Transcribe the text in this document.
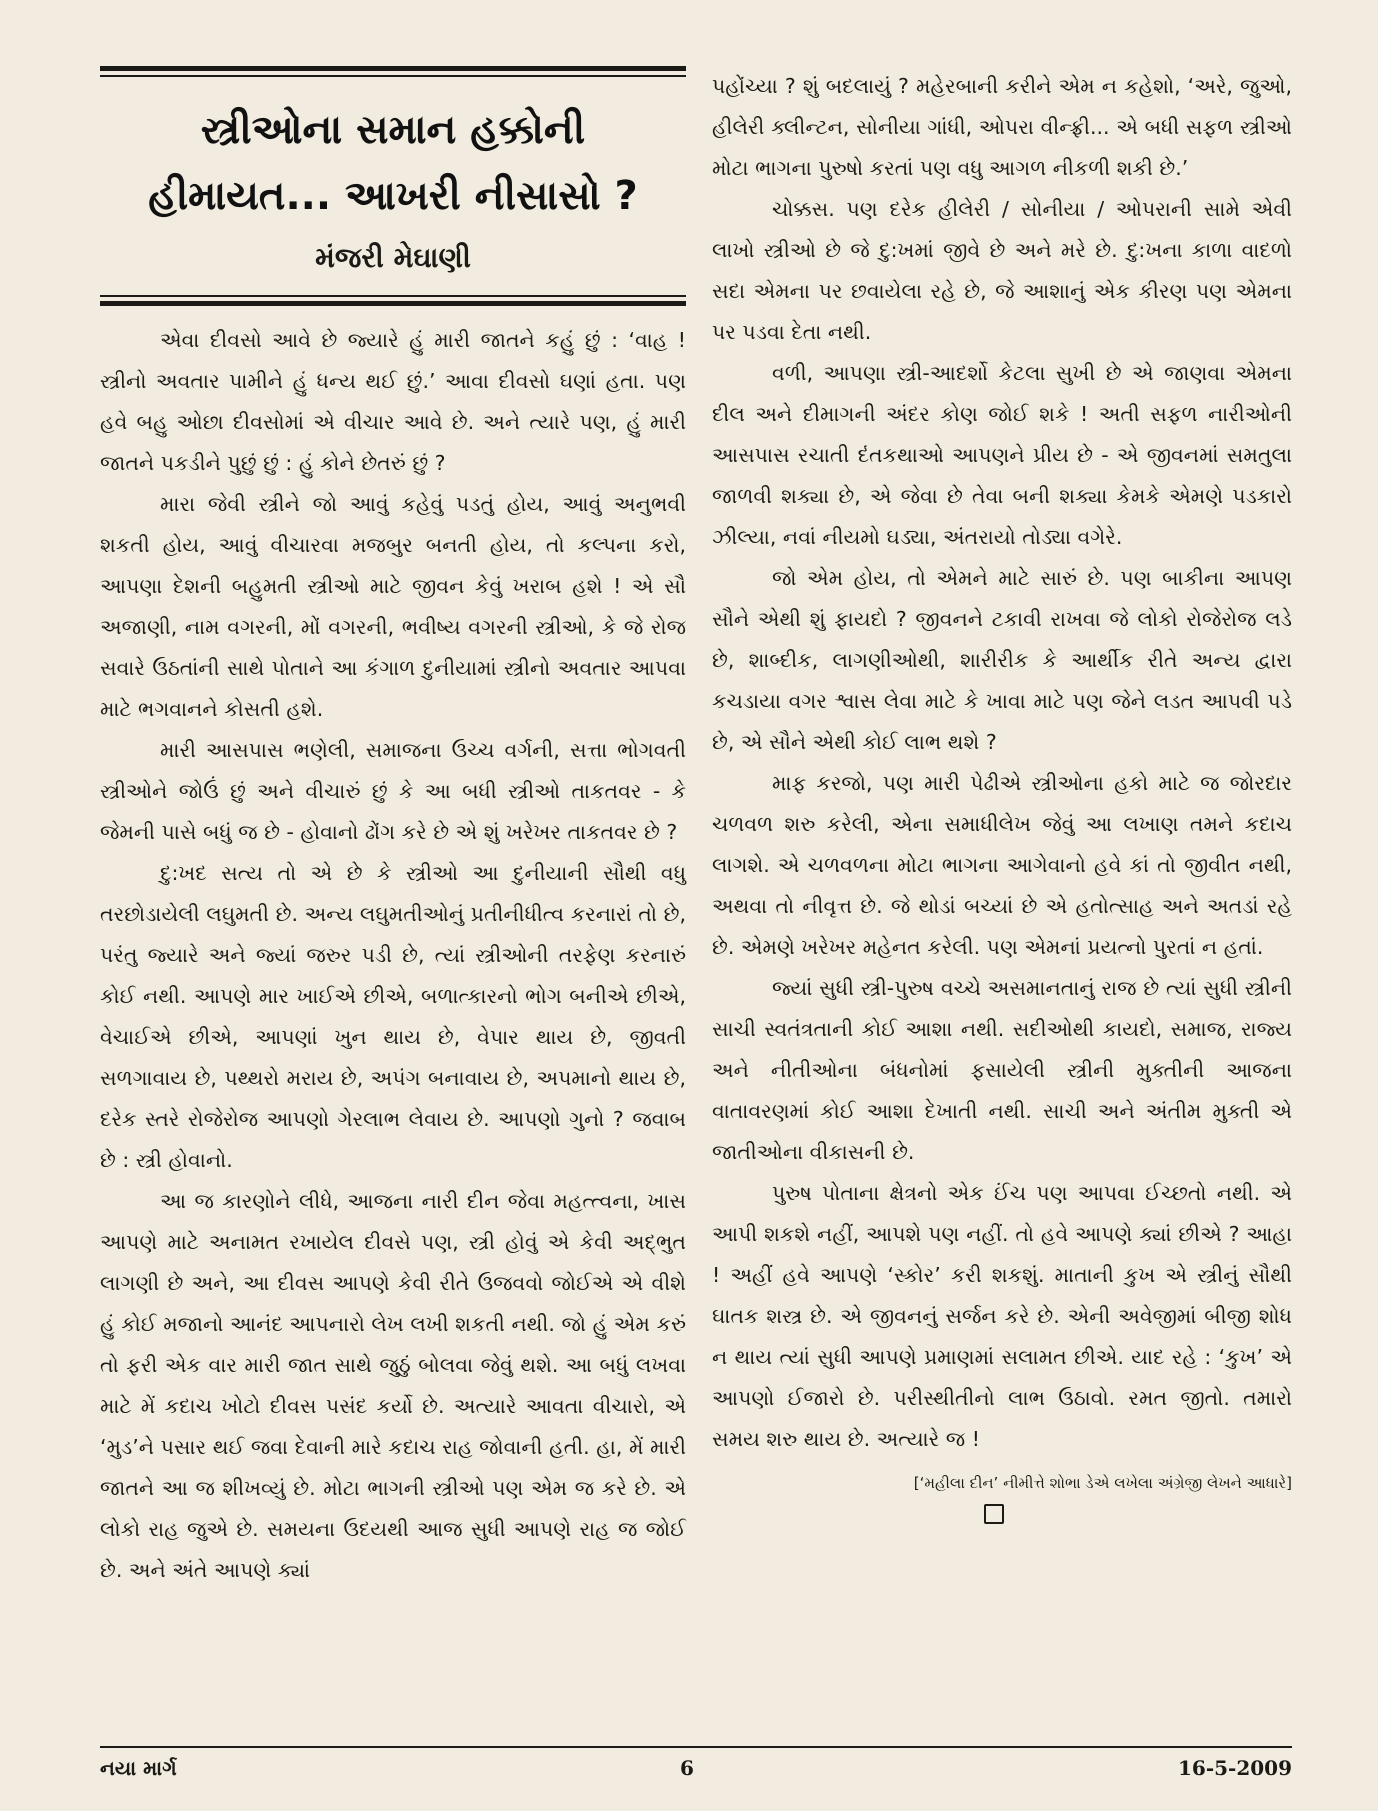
સ્ત્રીઓના સમાન હક્કોની
હીમાયત... આખરી નીસાસો ?
મંજરી મેઘાણી

એવા દીવસો આવે છે જ્યારે હું મારી જાતને કહું છું : ‘વાહ ! સ્ત્રીનો અવતાર પામીને હું ધન્ય થઈ છું.’ આવા દીવસો ઘણાં હતા. પણ હવે બહુ ઓછા દીવસોમાં એ વીચાર આવે છે. અને ત્યારે પણ, હું મારી જાતને પકડીને પુછું છું : હું કોને છેતરું છું ?

મારા જેવી સ્ત્રીને જો આવું કહેવું પડતું હોય, આવું અનુભવી શકતી હોય, આવું વીચારવા મજબુર બનતી હોય, તો કલ્પના કરો, આપણા દેશની બહુમતી સ્ત્રીઓ માટે જીવન કેવું ખરાબ હશે ! એ સૌ અજાણી, નામ વગરની, મોં વગરની, ભવીષ્ય વગરની સ્ત્રીઓ, કે જે રોજ સવારે ઉઠતાંની સાથે પોતાને આ કંગાળ દુનીયામાં સ્ત્રીનો અવતાર આપવા માટે ભગવાનને કોસતી હશે.

મારી આસપાસ ભણેલી, સમાજના ઉચ્ચ વર્ગની, સત્તા ભોગવતી સ્ત્રીઓને જોઉં છું અને વીચારું છું કે આ બધી સ્ત્રીઓ તાકતવર - કે જેમની પાસે બધું જ છે - હોવાનો ઢોંગ કરે છે એ શું ખરેખર તાકતવર છે ?

દુ:ખદ સત્ય તો એ છે કે સ્ત્રીઓ આ દુનીયાની સૌથી વધુ તરછોડાયેલી લઘુમતી છે. અન્ય લઘુમતીઓનું પ્રતીનીધીત્વ કરનારાં તો છે, પરંતુ જ્યારે અને જ્યાં જરુર પડી છે, ત્યાં સ્ત્રીઓની તરફેણ કરનારું કોઈ નથી. આપણે માર ખાઈએ છીએ, બળાત્કારનો ભોગ બનીએ છીએ, વેચાઈએ છીએ, આપણાં ખુન થાય છે, વેપાર થાય છે, જીવતી સળગાવાય છે, પથ્થરો મરાય છે, અપંગ બનાવાય છે, અપમાનો થાય છે, દરેક સ્તરે રોજેરોજ આપણો ગેરલાભ લેવાય છે. આપણો ગુનો ? જવાબ છે : સ્ત્રી હોવાનો.

આ જ કારણોને લીધે, આજના નારી દીન જેવા મહત્ત્વના, ખાસ આપણે માટે અનામત રખાયેલ દીવસે પણ, સ્ત્રી હોવું એ કેવી અદ્ભુત લાગણી છે અને, આ દીવસ આપણે કેવી રીતે ઉજવવો જોઈએ એ વીશે હું કોઈ મજાનો આનંદ આપનારો લેખ લખી શકતી નથી. જો હું એમ કરું તો ફરી એક વાર મારી જાત સાથે જુઠું બોલવા જેવું થશે. આ બધું લખવા માટે મેં કદાચ ખોટો દીવસ પસંદ કર્યો છે. અત્યારે આવતા વીચારો, એ ‘મુડ’ને પસાર થઈ જવા દેવાની મારે કદાચ રાહ જોવાની હતી. હા, મેં મારી જાતને આ જ શીખવ્યું છે. મોટા ભાગની સ્ત્રીઓ પણ એમ જ કરે છે. એ લોકો રાહ જુએ છે. સમયના ઉદયથી આજ સુધી આપણે રાહ જ જોઈ છે. અને અંતે આપણે ક્યાં

પહોંચ્યા ? શું બદલાયું ? મહેરબાની કરીને એમ ન કહેશો, ‘અરે, જુઓ, હીલેરી ક્લીન્ટન, સોનીયા ગાંધી, ઓપરા વીન્ફ્રી... એ બધી સફળ સ્ત્રીઓ મોટા ભાગના પુરુષો કરતાં પણ વધુ આગળ નીકળી શકી છે.’

ચોક્કસ. પણ દરેક હીલેરી / સોનીયા / ઓપરાની સામે એવી લાખો સ્ત્રીઓ છે જે દુ:ખમાં જીવે છે અને મરે છે. દુ:ખના કાળા વાદળો સદા એમના પર છવાયેલા રહે છે, જે આશાનું એક કીરણ પણ એમના પર પડવા દેતા નથી.

વળી, આપણા સ્ત્રી-આદર્શો કેટલા સુખી છે એ જાણવા એમના દીલ અને દીમાગની અંદર કોણ જોઈ શકે ! અતી સફળ નારીઓની આસપાસ રચાતી દંતકથાઓ આપણને પ્રીય છે - એ જીવનમાં સમતુલા જાળવી શક્યા છે, એ જેવા છે તેવા બની શક્યા કેમકે એમણે પડકારો ઝીલ્યા, નવાં નીયમો ઘડ્યા, અંતરાયો તોડ્યા વગેરે.

જો એમ હોય, તો એમને માટે સારું છે. પણ બાકીના આપણ સૌને એથી શું ફાયદો ? જીવનને ટકાવી રાખવા જે લોકો રોજેરોજ લડે છે, શાબ્દીક, લાગણીઓથી, શારીરીક કે આર્થીક રીતે અન્ય દ્વારા કચડાયા વગર શ્વાસ લેવા માટે કે ખાવા માટે પણ જેને લડત આપવી પડે છે, એ સૌને એથી કોઈ લાભ થશે ?

માફ કરજો, પણ મારી પેઢીએ સ્ત્રીઓના હકો માટે જ જોરદાર ચળવળ શરુ કરેલી, એના સમાધીલેખ જેવું આ લખાણ તમને કદાચ લાગશે. એ ચળવળના મોટા ભાગના આગેવાનો હવે કાં તો જીવીત નથી, અથવા તો નીવૃત્ત છે. જે થોડાં બચ્યાં છે એ હતોત્સાહ અને અતડાં રહે છે. એમણે ખરેખર મહેનત કરેલી. પણ એમનાં પ્રયત્નો પુરતાં ન હતાં.

જ્યાં સુધી સ્ત્રી-પુરુષ વચ્ચે અસમાનતાનું રાજ છે ત્યાં સુધી સ્ત્રીની સાચી સ્વતંત્રતાની કોઈ આશા નથી. સદીઓથી કાયદો, સમાજ, રાજ્ય અને નીતીઓના બંધનોમાં ફસાયેલી સ્ત્રીની મુક્તીની આજના વાતાવરણમાં કોઈ આશા દેખાતી નથી. સાચી અને અંતીમ મુક્તી એ જાતીઓના વીકાસની છે.

પુરુષ પોતાના ક્ષેત્રનો એક ઈંચ પણ આપવા ઈચ્છતો નથી. એ આપી શકશે નહીં, આપશે પણ નહીં. તો હવે આપણે ક્યાં છીએ ? આહા ! અહીં હવે આપણે ‘સ્કોર’ કરી શકશું. માતાની કુખ એ સ્ત્રીનું સૌથી ઘાતક શસ્ત્ર છે. એ જીવનનું સર્જન કરે છે. એની અવેજીમાં બીજી શોધ ન થાય ત્યાં સુધી આપણે પ્રમાણમાં સલામત છીએ. યાદ રહે : ‘કુખ’ એ આપણો ઈજારો છે. પરીસ્થીતીનો લાભ ઉઠાવો. રમત જીતો. તમારો સમય શરુ થાય છે. અત્યારે જ !

[‘મહીલા દીન’ નીમીત્તે શોભા ડેએ લખેલા અંગ્રેજી લેખને આધારે]
નયા માર્ગ	6	16-5-2009
